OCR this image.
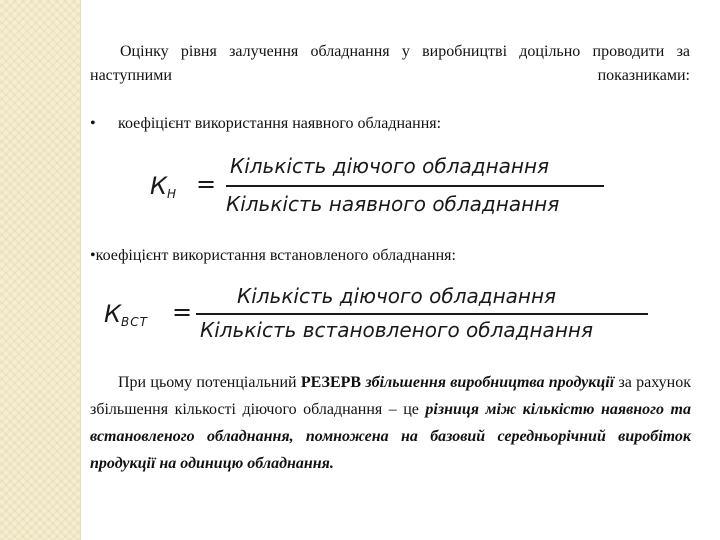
Оцінку рівня залучення обладнання у виробництві доцільно проводити за наступними показниками:
• коефіцієнт використання наявного обладнання:
КН =
Кількість діючого обладнання
Кількість наявного обладнання
•коефіцієнт використання встановленого обладнання:
КВСТ =
Кількість діючого обладнання
Кількість встановленого обладнання
При цьому потенціальний РЕЗЕРВ збільшення виробництва продукції за рахунок збільшення кількості діючого обладнання – це різниця між кількістю наявного та встановленого обладнання, помножена на базовий середньорічний виробіток продукції на одиницю обладнання.
